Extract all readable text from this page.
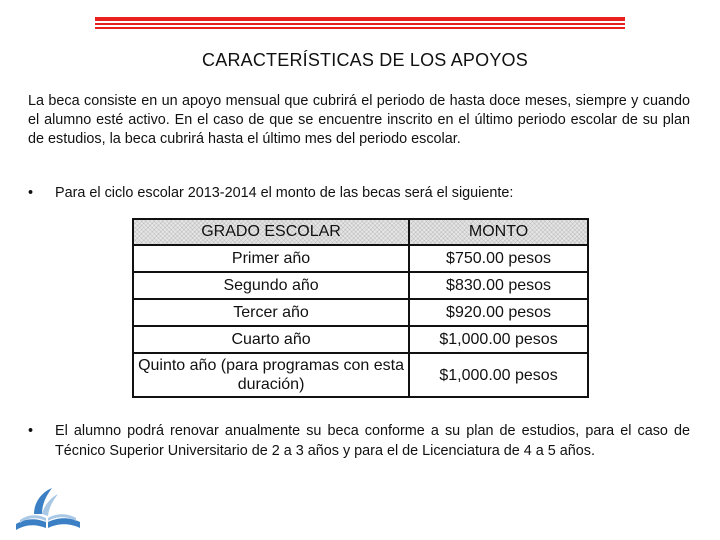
CARACTERÍSTICAS DE LOS APOYOS
La beca consiste en un apoyo mensual que cubrirá el periodo de hasta doce meses, siempre y cuando el alumno esté activo. En el caso de que se encuentre inscrito en el último periodo escolar de su plan de estudios, la beca cubrirá hasta el último mes del periodo escolar.
•	Para el ciclo escolar 2013-2014 el monto de las becas será el siguiente:
GRADO ESCOLAR	MONTO
Primer año	$750.00 pesos
Segundo año	$830.00 pesos
Tercer año	$920.00 pesos
Cuarto año	$1,000.00 pesos
Quinto año (para programas con esta duración)	$1,000.00 pesos
•	El alumno podrá renovar anualmente su beca conforme a su plan de estudios, para el caso de Técnico Superior Universitario de 2 a 3 años y para el de Licenciatura de 4 a 5 años.
